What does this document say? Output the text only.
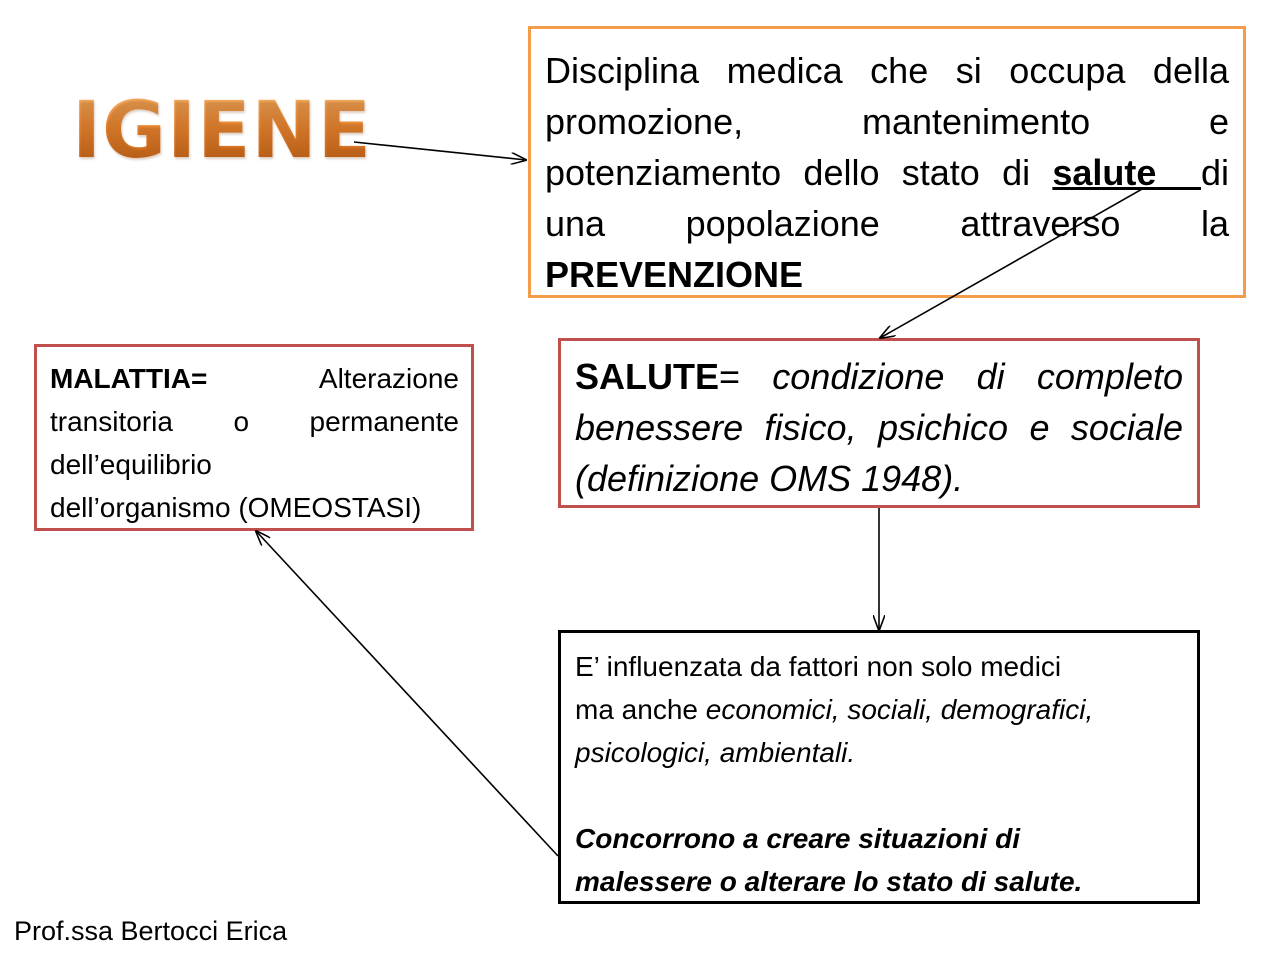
IGIENE
Disciplina medica che si occupa della
promozione, mantenimento e
potenziamento dello stato di salute di
una popolazione attraverso la
PREVENZIONE
MALATTIA=	Alterazione
transitoria o permanente
dell’equilibrio
dell’organismo (OMEOSTASI)
SALUTE= condizione di completo
benessere fisico, psichico e sociale
(definizione OMS 1948).
E’ influenzata da fattori non solo medici
ma anche economici, sociali, demografici,
psicologici, ambientali.
Concorrono a creare situazioni di
malessere o alterare lo stato di salute.
Prof.ssa Bertocci Erica
